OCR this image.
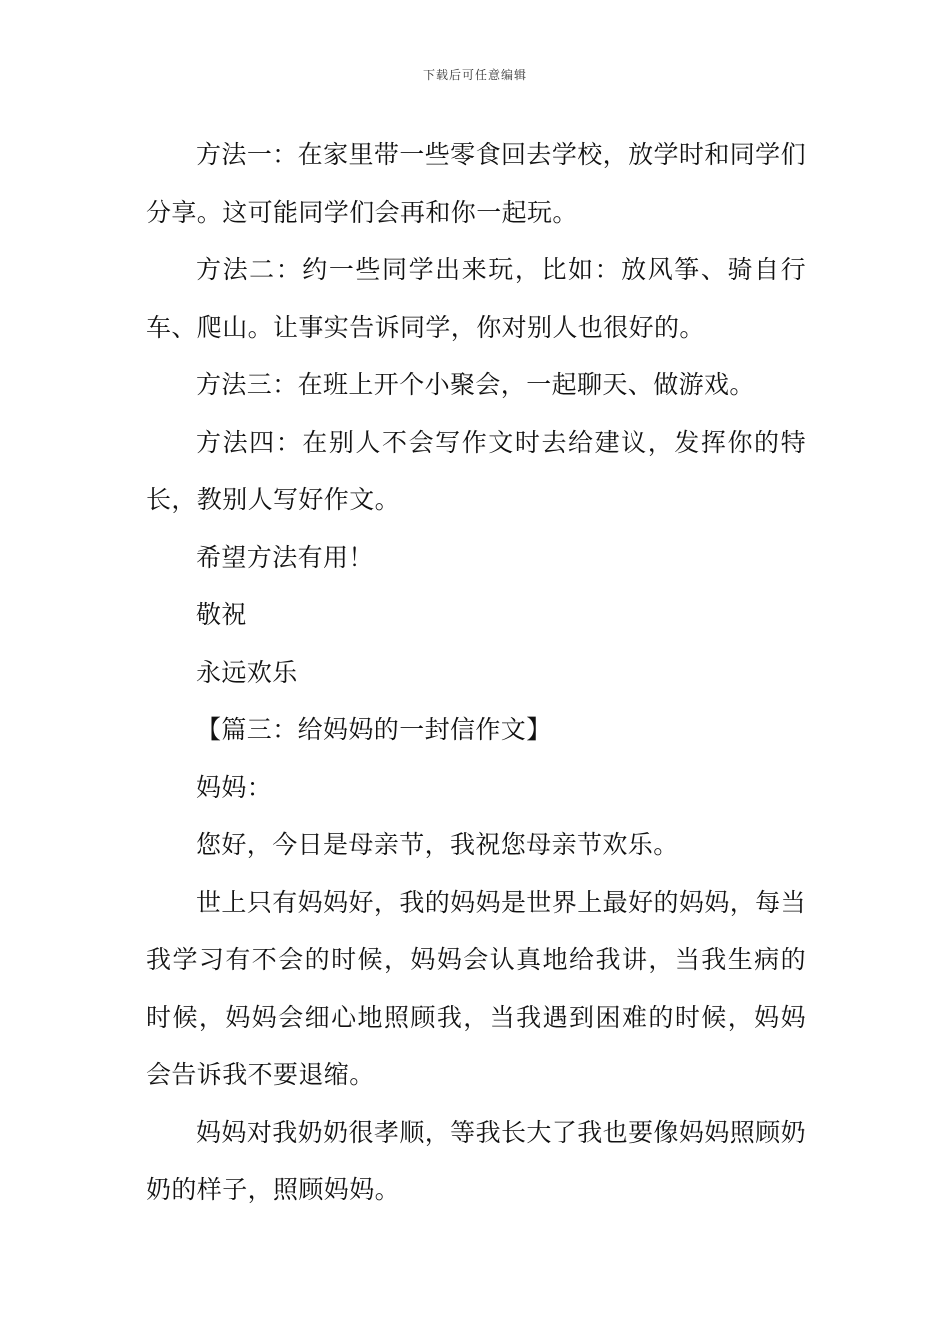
下载后可任意编辑

方法一：在家里带一些零食回去学校，放学时和同学们分享。这可能同学们会再和你一起玩。

方法二：约一些同学出来玩，比如：放风筝、骑自行车、爬山。让事实告诉同学，你对别人也很好的。

方法三：在班上开个小聚会，一起聊天、做游戏。

方法四：在别人不会写作文时去给建议，发挥你的特长，教别人写好作文。

希望方法有用！

敬祝

永远欢乐

【篇三：给妈妈的一封信作文】

妈妈：

您好，今日是母亲节，我祝您母亲节欢乐。

世上只有妈妈好，我的妈妈是世界上最好的妈妈，每当我学习有不会的时候，妈妈会认真地给我讲，当我生病的时候，妈妈会细心地照顾我，当我遇到困难的时候，妈妈会告诉我不要退缩。

妈妈对我奶奶很孝顺，等我长大了我也要像妈妈照顾奶奶的样子，照顾妈妈。
